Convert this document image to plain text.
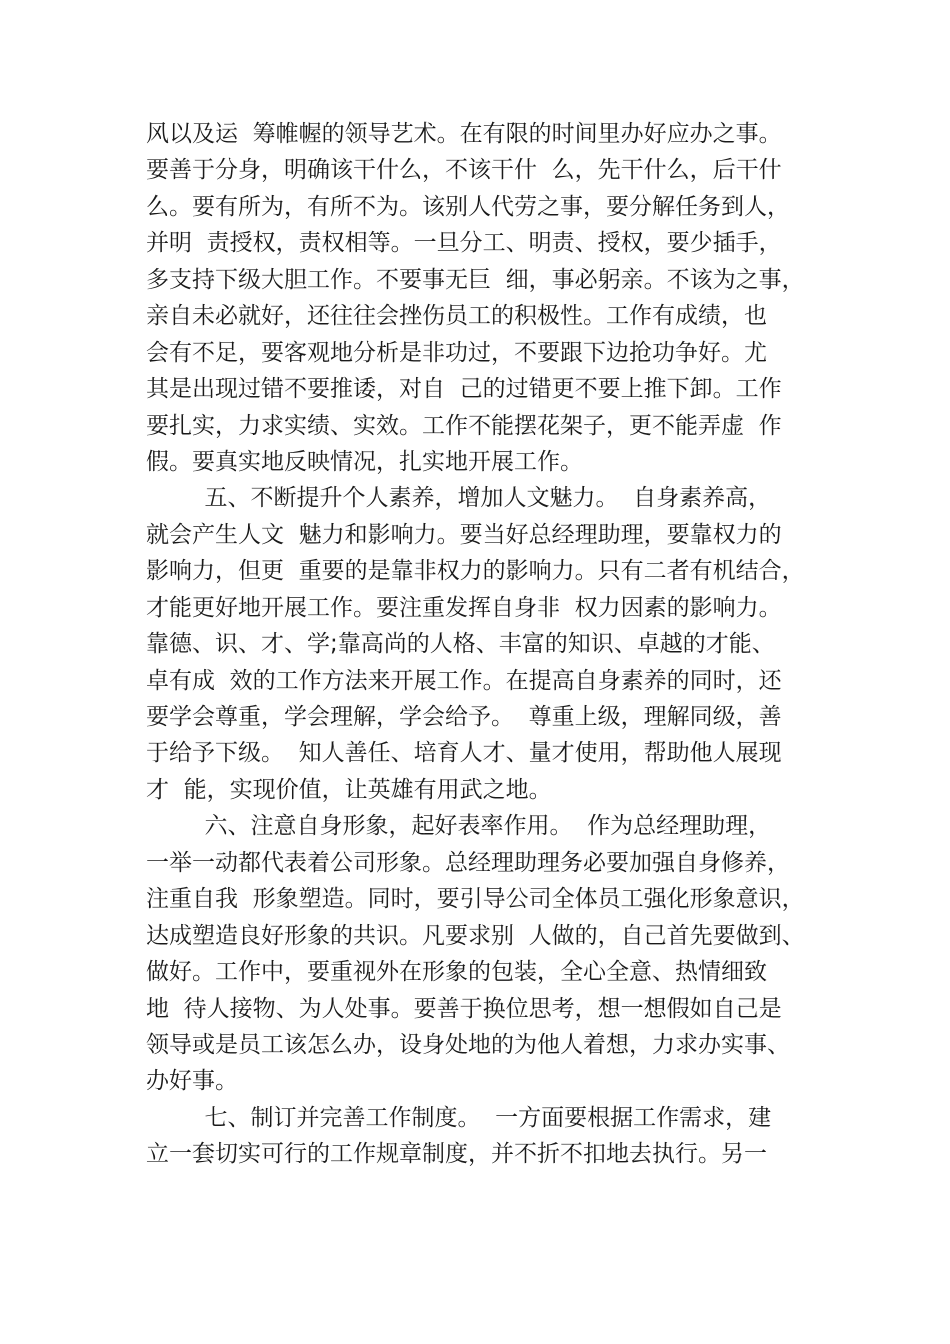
风以及运  筹帷幄的领导艺术。在有限的时间里办好应办之事。
要善于分身，明确该干什么，不该干什  么，先干什么，后干什
么。要有所为，有所不为。该别人代劳之事，要分解任务到人，
并明  责授权，责权相等。一旦分工、明责、授权，要少插手，
多支持下级大胆工作。不要事无巨  细，事必躬亲。不该为之事，
亲自未必就好，还往往会挫伤员工的积极性。工作有成绩，也
会有不足，要客观地分析是非功过，不要跟下边抢功争好。尤
其是出现过错不要推诿，对自  己的过错更不要上推下卸。工作
要扎实，力求实绩、实效。工作不能摆花架子，更不能弄虚  作
假。要真实地反映情况，扎实地开展工作。
五、不断提升个人素养，增加人文魅力。  自身素养高，
就会产生人文  魅力和影响力。要当好总经理助理，要靠权力的
影响力，但更  重要的是靠非权力的影响力。只有二者有机结合，
才能更好地开展工作。要注重发挥自身非  权力因素的影响力。
靠德、识、才、学;靠高尚的人格、丰富的知识、卓越的才能、
卓有成  效的工作方法来开展工作。在提高自身素养的同时，还
要学会尊重，学会理解，学会给予。  尊重上级，理解同级，善
于给予下级。  知人善任、培育人才、量才使用，帮助他人展现
才  能，实现价值，让英雄有用武之地。
六、注意自身形象，起好表率作用。  作为总经理助理，
一举一动都代表着公司形象。总经理助理务必要加强自身修养，
注重自我  形象塑造。同时，要引导公司全体员工强化形象意识，
达成塑造良好形象的共识。凡要求别  人做的，自己首先要做到、
做好。工作中，要重视外在形象的包装，全心全意、热情细致
地  待人接物、为人处事。要善于换位思考，想一想假如自己是
领导或是员工该怎么办，设身处地的为他人着想，力求办实事、
办好事。
七、制订并完善工作制度。  一方面要根据工作需求，建
立一套切实可行的工作规章制度，并不折不扣地去执行。另一
